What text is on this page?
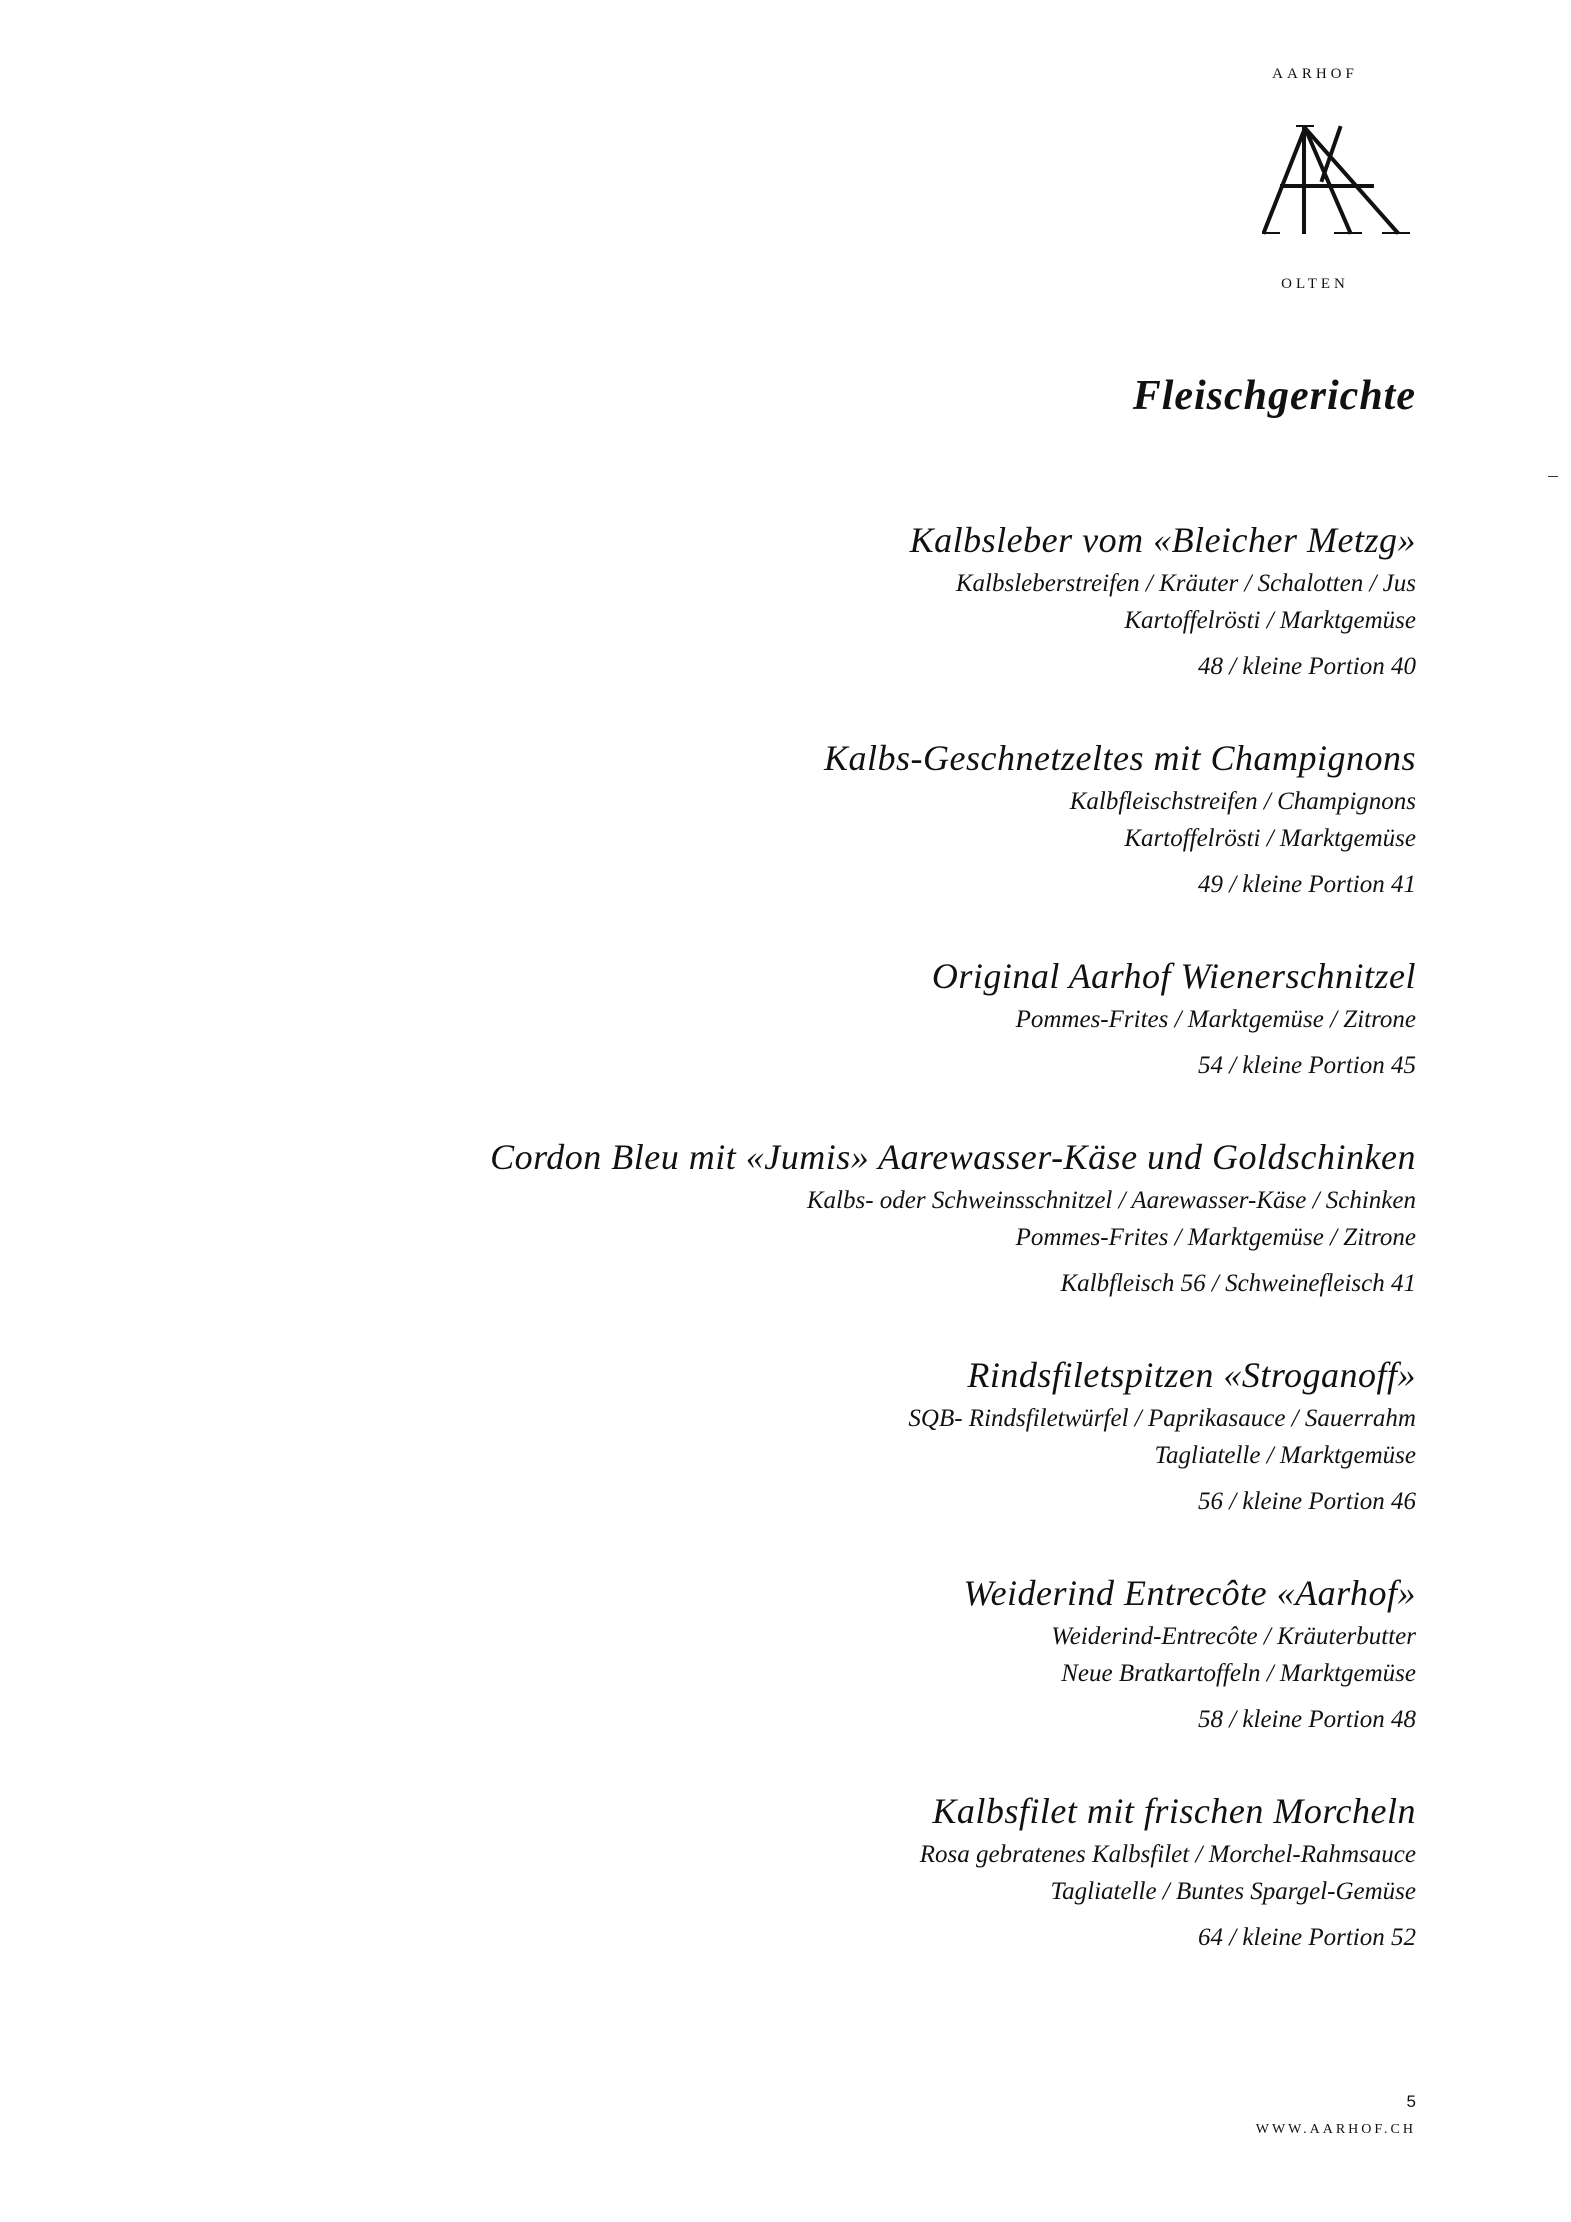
AARHOF
OLTEN
Fleischgerichte
Kalbsleber vom «Bleicher Metzg»
Kalbsleberstreifen / Kräuter / Schalotten / Jus
Kartoffelrösti / Marktgemüse
48 / kleine Portion 40
Kalbs-Geschnetzeltes mit Champignons
Kalbfleischstreifen / Champignons
Kartoffelrösti / Marktgemüse
49 / kleine Portion 41
Original Aarhof Wienerschnitzel
Pommes-Frites / Marktgemüse / Zitrone
54 / kleine Portion 45
Cordon Bleu mit «Jumis» Aarewasser-Käse und Goldschinken
Kalbs- oder Schweinsschnitzel / Aarewasser-Käse / Schinken
Pommes-Frites / Marktgemüse / Zitrone
Kalbfleisch 56 / Schweinefleisch 41
Rindsfiletspitzen «Stroganoff»
SQB- Rindsfiletwürfel / Paprikasauce / Sauerrahm
Tagliatelle / Marktgemüse
56 / kleine Portion 46
Weiderind Entrecôte «Aarhof»
Weiderind-Entrecôte / Kräuterbutter
Neue Bratkartoffeln / Marktgemüse
58 / kleine Portion 48
Kalbsfilet mit frischen Morcheln
Rosa gebratenes Kalbsfilet / Morchel-Rahmsauce
Tagliatelle / Buntes Spargel-Gemüse
64 / kleine Portion 52
5
WWW.AARHOF.CH
